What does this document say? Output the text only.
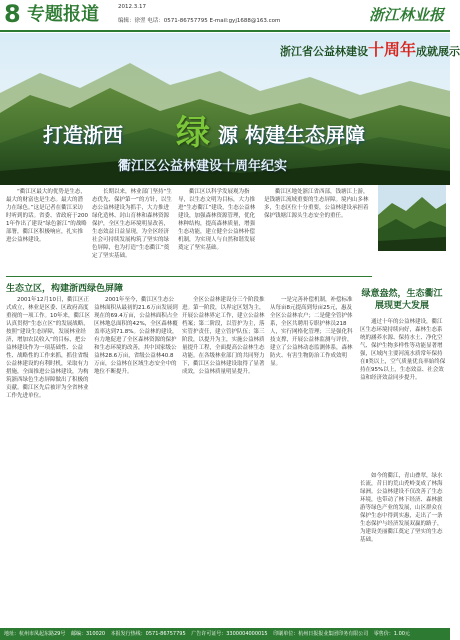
8 专题报道	2012.3.17
编辑：徐翌 电话：0571-86757795 E-mail:gyj1688@163.com	浙江林业报
浙江省公益林建设十周年成就展示
打造浙西 绿 源 构建生态屏障
衢江区公益林建设十周年纪实

“衢江区最大的优势是生态，最大的财富也是生态。最大的潜力在绿色。”这是记者在衢江采访时听到的话。省委、省政府于2001年作出了建设“绿色浙江”的战略部署，衢江区积极响应，扎实推进公益林建设。

长期以来，林业部门坚持“生态优先、保护第一”的方针，以生态公益林建设为抓手，大力推进绿化造林、封山育林和森林资源保护，全区生态环境明显改善，生态效益日益显现，为全区经济社会可持续发展构筑了坚实的绿色屏障，也为打造“生态衢江”奠定了坚实基础。

衢江区以科学发展观为指导，以生态文明为目标，大力推进“生态衢江”建设，生态公益林建设，加强森林资源管理，优化林种结构，提高森林质量，增强生态功能，建立健全公益林补偿机制，为实现人与自然和谐发展奠定了坚实基础。

衢江区地处浙江省西部，钱塘江上游，是钱塘江流域重要的生态屏障。境内山多林多，生态区位十分重要，公益林建设承担着保护钱塘江源头生态安全的重任。

生态立区，构建浙西绿色屏障

2001年12月10日，衢江区正式成立，林业是区委、区政府高度重视的一项工作。10年来，衢江区认真贯彻“生态立区”的发展战略，按照“建设生态屏障，发展林业经济，增加农民收入”的目标，把公益林建设作为一项基础性、公益性、战略性的工作来抓，抓住省级公益林建设的有利时机，采取有力措施，全面推进公益林建设，为构筑浙西绿色生态屏障做出了积极的贡献。衢江区先后被评为全省林业工作先进单位。

2001年至今，衢江区生态公益林面积从最初的21.6万亩发展到现在的69.4万亩，公益林面积占全区林地总面积的42%，全区森林覆盖率达到71.8%。公益林的建设，有力地促进了全区森林资源的保护和生态环境的改善，其中国家级公益林28.6万亩，省级公益林40.8万亩，公益林在区域生态安全中的地位不断提升。

全区公益林建设分三个阶段推进。第一阶段，以界定区划为主，开展公益林界定工作，建立公益林档案；第二阶段，以管护为主，落实管护责任，建立管护队伍；第三阶段，以提升为主，实施公益林质量提升工程，全面提高公益林生态功能。在各级林业部门的共同努力下，衢江区公益林建设取得了显著成效，公益林质量明显提升。

一是完善补偿机制，补偿标准从每亩8元提高到每亩25元，惠及全区公益林农户；二是健全管护体系，全区共聘用专职护林员218人，实行网格化管理；三是强化科技支撑，开展公益林监测与评价，建立了公益林动态监测体系，森林防火、有害生物防治工作成效明显。

绿意盎然，生态衢江展现更大发展

通过十年的公益林建设，衢江区生态环境持续向好，森林生态系统的涵养水源、保持水土、净化空气、保护生物多样性等功能显著增强，区域内主要河流水质常年保持在Ⅱ类以上，空气质量优良率始终保持在95%以上，生态效益、社会效益和经济效益同步提升。

如今的衢江，青山叠翠，绿水长流，昔日的荒山秃岭变成了林海绿洲。公益林建设不仅改善了生态环境，也带动了林下经济、森林旅游等绿色产业的发展，山区群众在保护生态中得到实惠，走出了一条生态保护与经济发展双赢的路子，为建设美丽衢江奠定了坚实的生态基础。

地址：杭州市凤起东路29号 邮编：310020 本报发行热线：0571-86757795 广告许可证号：3300004000015 印刷单位：杭州日报报业集团印务有限公司 零售价：1.00元
